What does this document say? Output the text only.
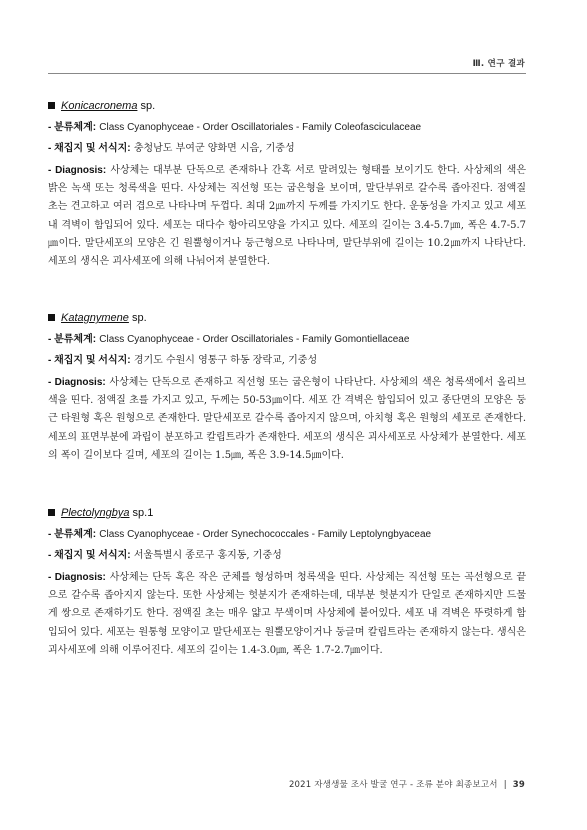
Ⅲ. 연구 결과
Konicacronema sp.
- 분류체계: Class Cyanophyceae - Order Oscillatoriales - Family Coleofasciculaceae
- 채집지 및 서식지: 충청남도 부여군 양화면 시음, 기중성
- Diagnosis: 사상체는 대부분 단독으로 존재하나 간혹 서로 말려있는 형태를 보이기도 한다. 사상체의 색은 밝은 녹색 또는 청록색을 띤다. 사상체는 직선형 또는 굽은형을 보이며, 말단부위로 갈수록 좁아진다. 점액질 초는 견고하고 여러 겹으로 나타나며 두껍다. 최대 2㎛까지 두께를 가지기도 한다. 운동성을 가지고 있고 세포 내 격벽이 함입되어 있다. 세포는 대다수 항아리모양을 가지고 있다. 세포의 길이는 3.4-5.7㎛, 폭은 4.7-5.7㎛이다. 말단세포의 모양은 긴 원뿔형이거나 둥근형으로 나타나며, 말단부위에 길이는 10.2㎛까지 나타난다. 세포의 생식은 괴사세포에 의해 나눠어져 분열한다.
Katagnymene sp.
- 분류체계: Class Cyanophyceae - Order Oscillatoriales - Family Gomontiellaceae
- 채집지 및 서식지: 경기도 수원시 영통구 하동 장락교, 기중성
- Diagnosis: 사상체는 단독으로 존재하고 직선형 또는 굽은형이 나타난다. 사상체의 색은 청록색에서 올리브색을 띤다. 점액질 초를 가지고 있고, 두께는 50-53㎛이다. 세포 간 격벽은 함입되어 있고 종단면의 모양은 둥근 타원형 혹은 원형으로 존재한다. 말단세포로 갈수록 좁아지지 않으며, 아치형 혹은 원형의 세포로 존재한다. 세포의 표면부분에 과립이 분포하고 칼립트라가 존재한다. 세포의 생식은 괴사세포로 사상체가 분열한다. 세포의 폭이 길이보다 길며, 세포의 길이는 1.5㎛, 폭은 3.9-14.5㎛이다.
Plectolyngbya sp.1
- 분류체계: Class Cyanophyceae - Order Synechococcales - Family Leptolyngbyaceae
- 채집지 및 서식지: 서울특별시 종로구 홍지동, 기중성
- Diagnosis: 사상체는 단독 혹은 작은 군체를 형성하며 청록색을 띤다. 사상체는 직선형 또는 곡선형으로 끝으로 갈수록 좁아지지 않는다. 또한 사상체는 헛분지가 존재하는데, 대부분 헛분지가 단일로 존재하지만 드물게 쌍으로 존재하기도 한다. 점액질 초는 매우 얇고 무색이며 사상체에 붙어있다. 세포 내 격벽은 뚜렷하게 함입되어 있다. 세포는 원통형 모양이고 말단세포는 원뿔모양이거나 둥글며 칼립트라는 존재하지 않는다. 생식은 괴사세포에 의해 이루어진다. 세포의 길이는 1.4-3.0㎛, 폭은 1.7-2.7㎛이다.
2021 자생생물 조사 발굴 연구 - 조류 분야 최종보고서 | 39
